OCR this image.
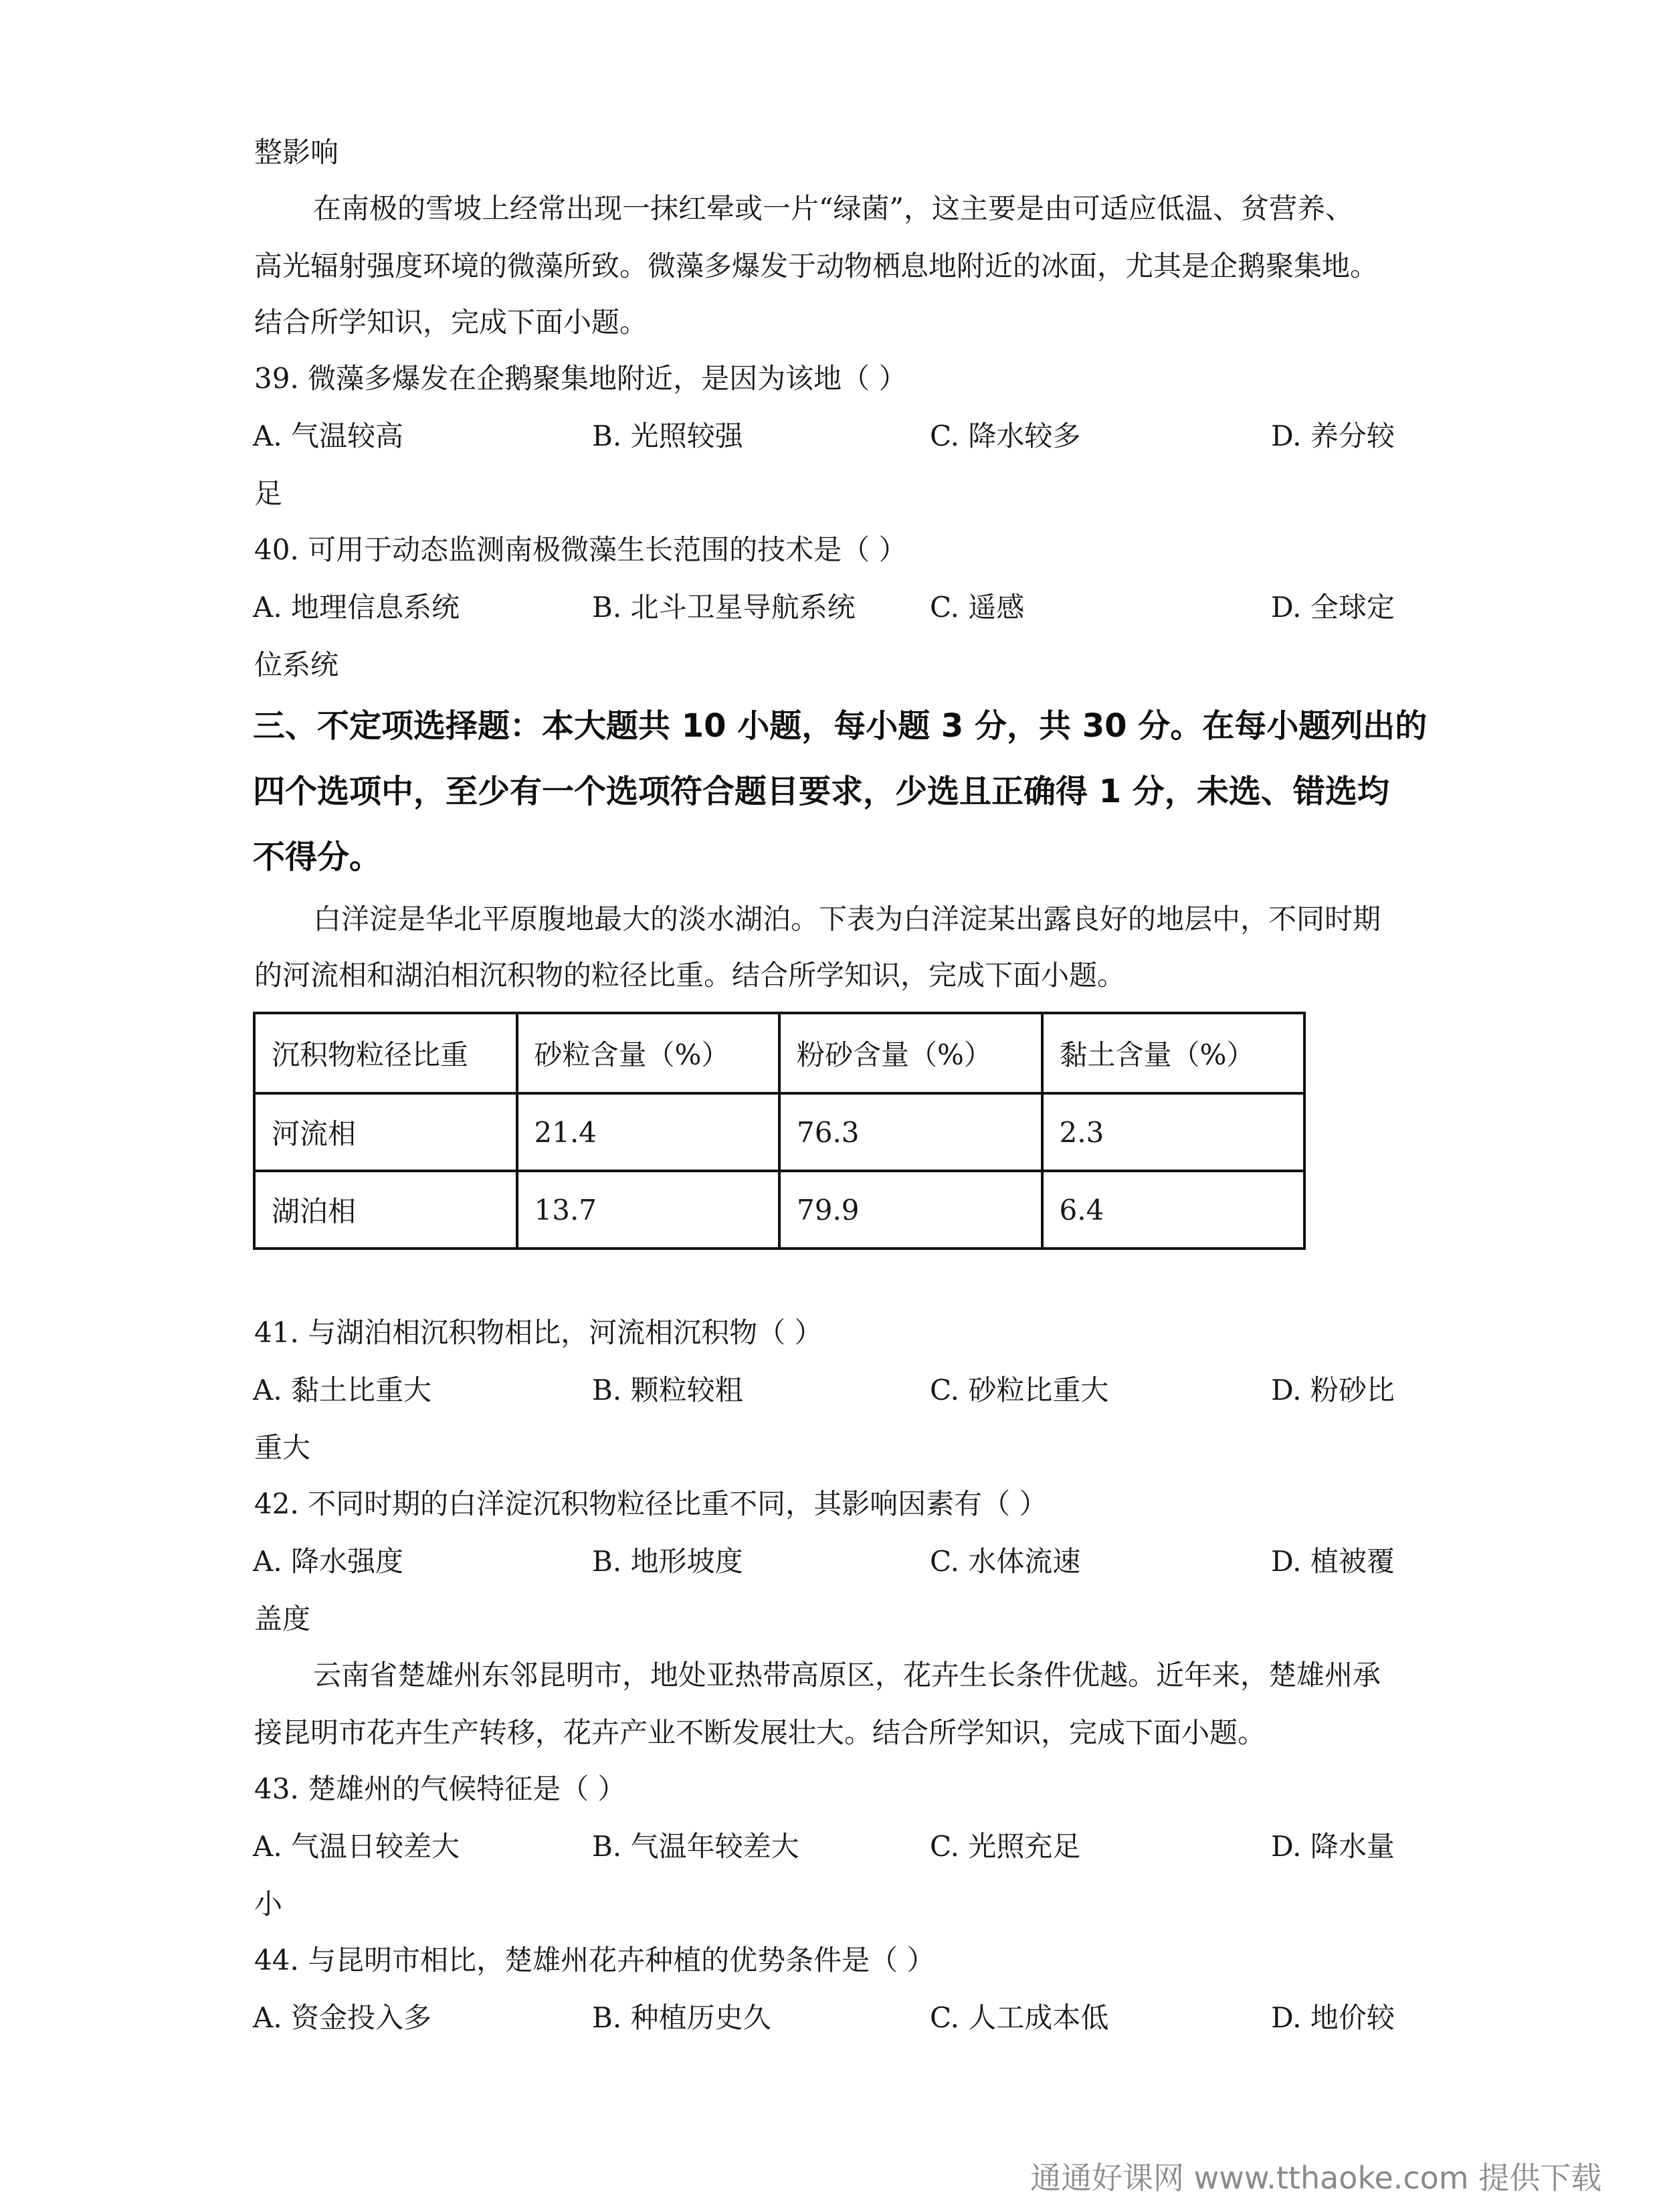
整影响
在南极的雪坡上经常出现一抹红晕或一片“绿菌”，这主要是由可适应低温、贫营养、
高光辐射强度环境的微藻所致。微藻多爆发于动物栖息地附近的冰面，尤其是企鹅聚集地。
结合所学知识，完成下面小题。
39. 微藻多爆发在企鹅聚集地附近，是因为该地（ ）
A. 气温较高	B. 光照较强	C. 降水较多	D. 养分较
足
40. 可用于动态监测南极微藻生长范围的技术是（ ）
A. 地理信息系统	B. 北斗卫星导航系统	C. 遥感	D. 全球定
位系统
三、不定项选择题：本大题共 10 小题，每小题 3 分，共 30 分。在每小题列出的
四个选项中，至少有一个选项符合题目要求，少选且正确得 1 分，未选、错选均
不得分。
白洋淀是华北平原腹地最大的淡水湖泊。下表为白洋淀某出露良好的地层中，不同时期
的河流相和湖泊相沉积物的粒径比重。结合所学知识，完成下面小题。
沉积物粒径比重	砂粒含量（%）	粉砂含量（%）	黏土含量（%）
河流相	21.4	76.3	2.3
湖泊相	13.7	79.9	6.4
41. 与湖泊相沉积物相比，河流相沉积物（ ）
A. 黏土比重大	B. 颗粒较粗	C. 砂粒比重大	D. 粉砂比
重大
42. 不同时期的白洋淀沉积物粒径比重不同，其影响因素有（ ）
A. 降水强度	B. 地形坡度	C. 水体流速	D. 植被覆
盖度
云南省楚雄州东邻昆明市，地处亚热带高原区，花卉生长条件优越。近年来，楚雄州承
接昆明市花卉生产转移，花卉产业不断发展壮大。结合所学知识，完成下面小题。
43. 楚雄州的气候特征是（ ）
A. 气温日较差大	B. 气温年较差大	C. 光照充足	D. 降水量
小
44. 与昆明市相比，楚雄州花卉种植的优势条件是（ ）
A. 资金投入多	B. 种植历史久	C. 人工成本低	D. 地价较
通通好课网 www.tthaoke.com 提供下载
